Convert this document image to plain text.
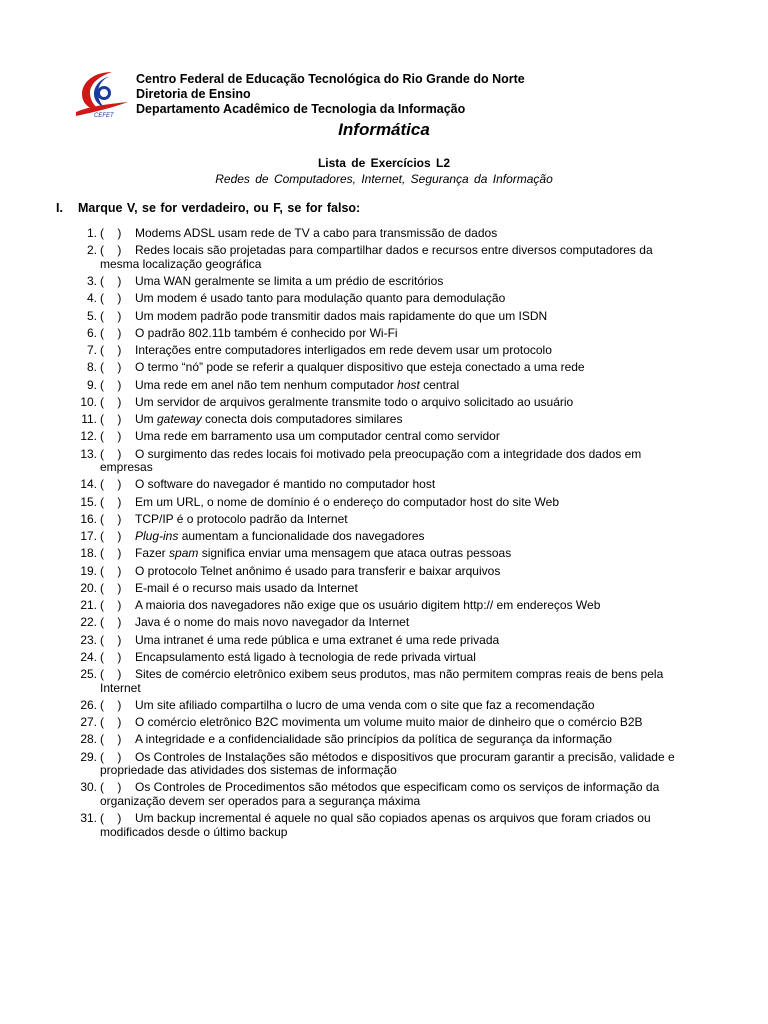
CEFET
Centro Federal de Educação Tecnológica do Rio Grande do Norte
Diretoria de Ensino
Departamento Acadêmico de Tecnologia da Informação
Informática
Lista de Exercícios L2
Redes de Computadores, Internet, Segurança da Informação
I.	Marque V, se for verdadeiro, ou F, se for falso:
1. (    )	Modems ADSL usam rede de TV a cabo para transmissão de dados
2. (    )	Redes locais são projetadas para compartilhar dados e recursos entre diversos computadores da
mesma localização geográfica
3. (    )	Uma WAN geralmente se limita a um prédio de escritórios
4. (    )	Um modem é usado tanto para modulação quanto para demodulação
5. (    )	Um modem padrão pode transmitir dados mais rapidamente do que um ISDN
6. (    )	O padrão 802.11b também é conhecido por Wi-Fi
7. (    )	Interações entre computadores interligados em rede devem usar um protocolo
8. (    )	O termo “nó” pode se referir a qualquer dispositivo que esteja conectado a uma rede
9. (    )	Uma rede em anel não tem nenhum computador host central
10. (    )	Um servidor de arquivos geralmente transmite todo o arquivo solicitado ao usuário
11. (    )	Um gateway conecta dois computadores similares
12. (    )	Uma rede em barramento usa um computador central como servidor
13. (    )	O surgimento das redes locais foi motivado pela preocupação com a integridade dos dados em
empresas
14. (    )	O software do navegador é mantido no computador host
15. (    )	Em um URL, o nome de domínio é o endereço do computador host do site Web
16. (    )	TCP/IP é o protocolo padrão da Internet
17. (    )	Plug-ins aumentam a funcionalidade dos navegadores
18. (    )	Fazer spam significa enviar uma mensagem que ataca outras pessoas
19. (    )	O protocolo Telnet anônimo é usado para transferir e baixar arquivos
20. (    )	E-mail é o recurso mais usado da Internet
21. (    )	A maioria dos navegadores não exige que os usuário digitem http:// em endereços Web
22. (    )	Java é o nome do mais novo navegador da Internet
23. (    )	Uma intranet é uma rede pública e uma extranet é uma rede privada
24. (    )	Encapsulamento está ligado à tecnologia de rede privada virtual
25. (    )	Sites de comércio eletrônico exibem seus produtos, mas não permitem compras reais de bens pela
Internet
26. (    )	Um site afiliado compartilha o lucro de uma venda com o site que faz a recomendação
27. (    )	O comércio eletrônico B2C movimenta um volume muito maior de dinheiro que o comércio B2B
28. (    )	A integridade e a confidencialidade são princípios da política de segurança da informação
29. (    )	Os Controles de Instalações são métodos e dispositivos que procuram garantir a precisão, validade e
propriedade das atividades dos sistemas de informação
30. (    )	Os Controles de Procedimentos são métodos que especificam como os serviços de informação da
organização devem ser operados para a segurança máxima
31. (    )	Um backup incremental é aquele no qual são copiados apenas os arquivos que foram criados ou
modificados desde o último backup
